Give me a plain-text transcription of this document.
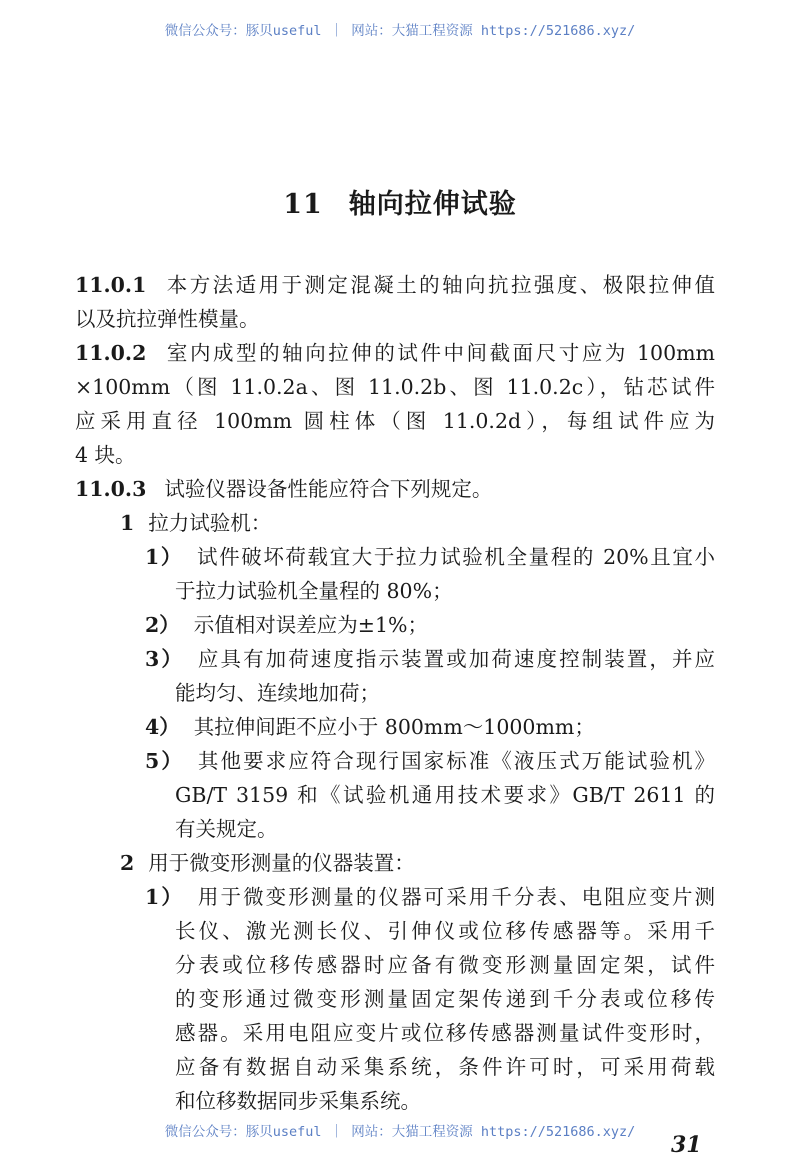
微信公众号：豚贝useful ｜ 网站：大猫工程资源 https://521686.xyz/
11 轴向拉伸试验
11.0.1 本方法适用于测定混凝土的轴向抗拉强度、极限拉伸值
以及抗拉弹性模量。
11.0.2 室内成型的轴向拉伸的试件中间截面尺寸应为 100mm
×100mm（图 11.0.2a、图 11.0.2b、图 11.0.2c），钻芯试件
应采用直径 100mm 圆柱体（图 11.0.2d），每组试件应为
4 块。
11.0.3 试验仪器设备性能应符合下列规定。
1 拉力试验机：
1） 试件破坏荷载宜大于拉力试验机全量程的 20%且宜小
于拉力试验机全量程的 80%；
2） 示值相对误差应为±1%；
3） 应具有加荷速度指示装置或加荷速度控制装置，并应
能均匀、连续地加荷；
4） 其拉伸间距不应小于 800mm～1000mm；
5） 其他要求应符合现行国家标准《液压式万能试验机》
GB/T 3159 和《试验机通用技术要求》GB/T 2611 的
有关规定。
2 用于微变形测量的仪器装置：
1） 用于微变形测量的仪器可采用千分表、电阻应变片测
长仪、激光测长仪、引伸仪或位移传感器等。采用千
分表或位移传感器时应备有微变形测量固定架，试件
的变形通过微变形测量固定架传递到千分表或位移传
感器。采用电阻应变片或位移传感器测量试件变形时，
应备有数据自动采集系统，条件许可时，可采用荷载
和位移数据同步采集系统。
微信公众号：豚贝useful ｜ 网站：大猫工程资源 https://521686.xyz/	31
